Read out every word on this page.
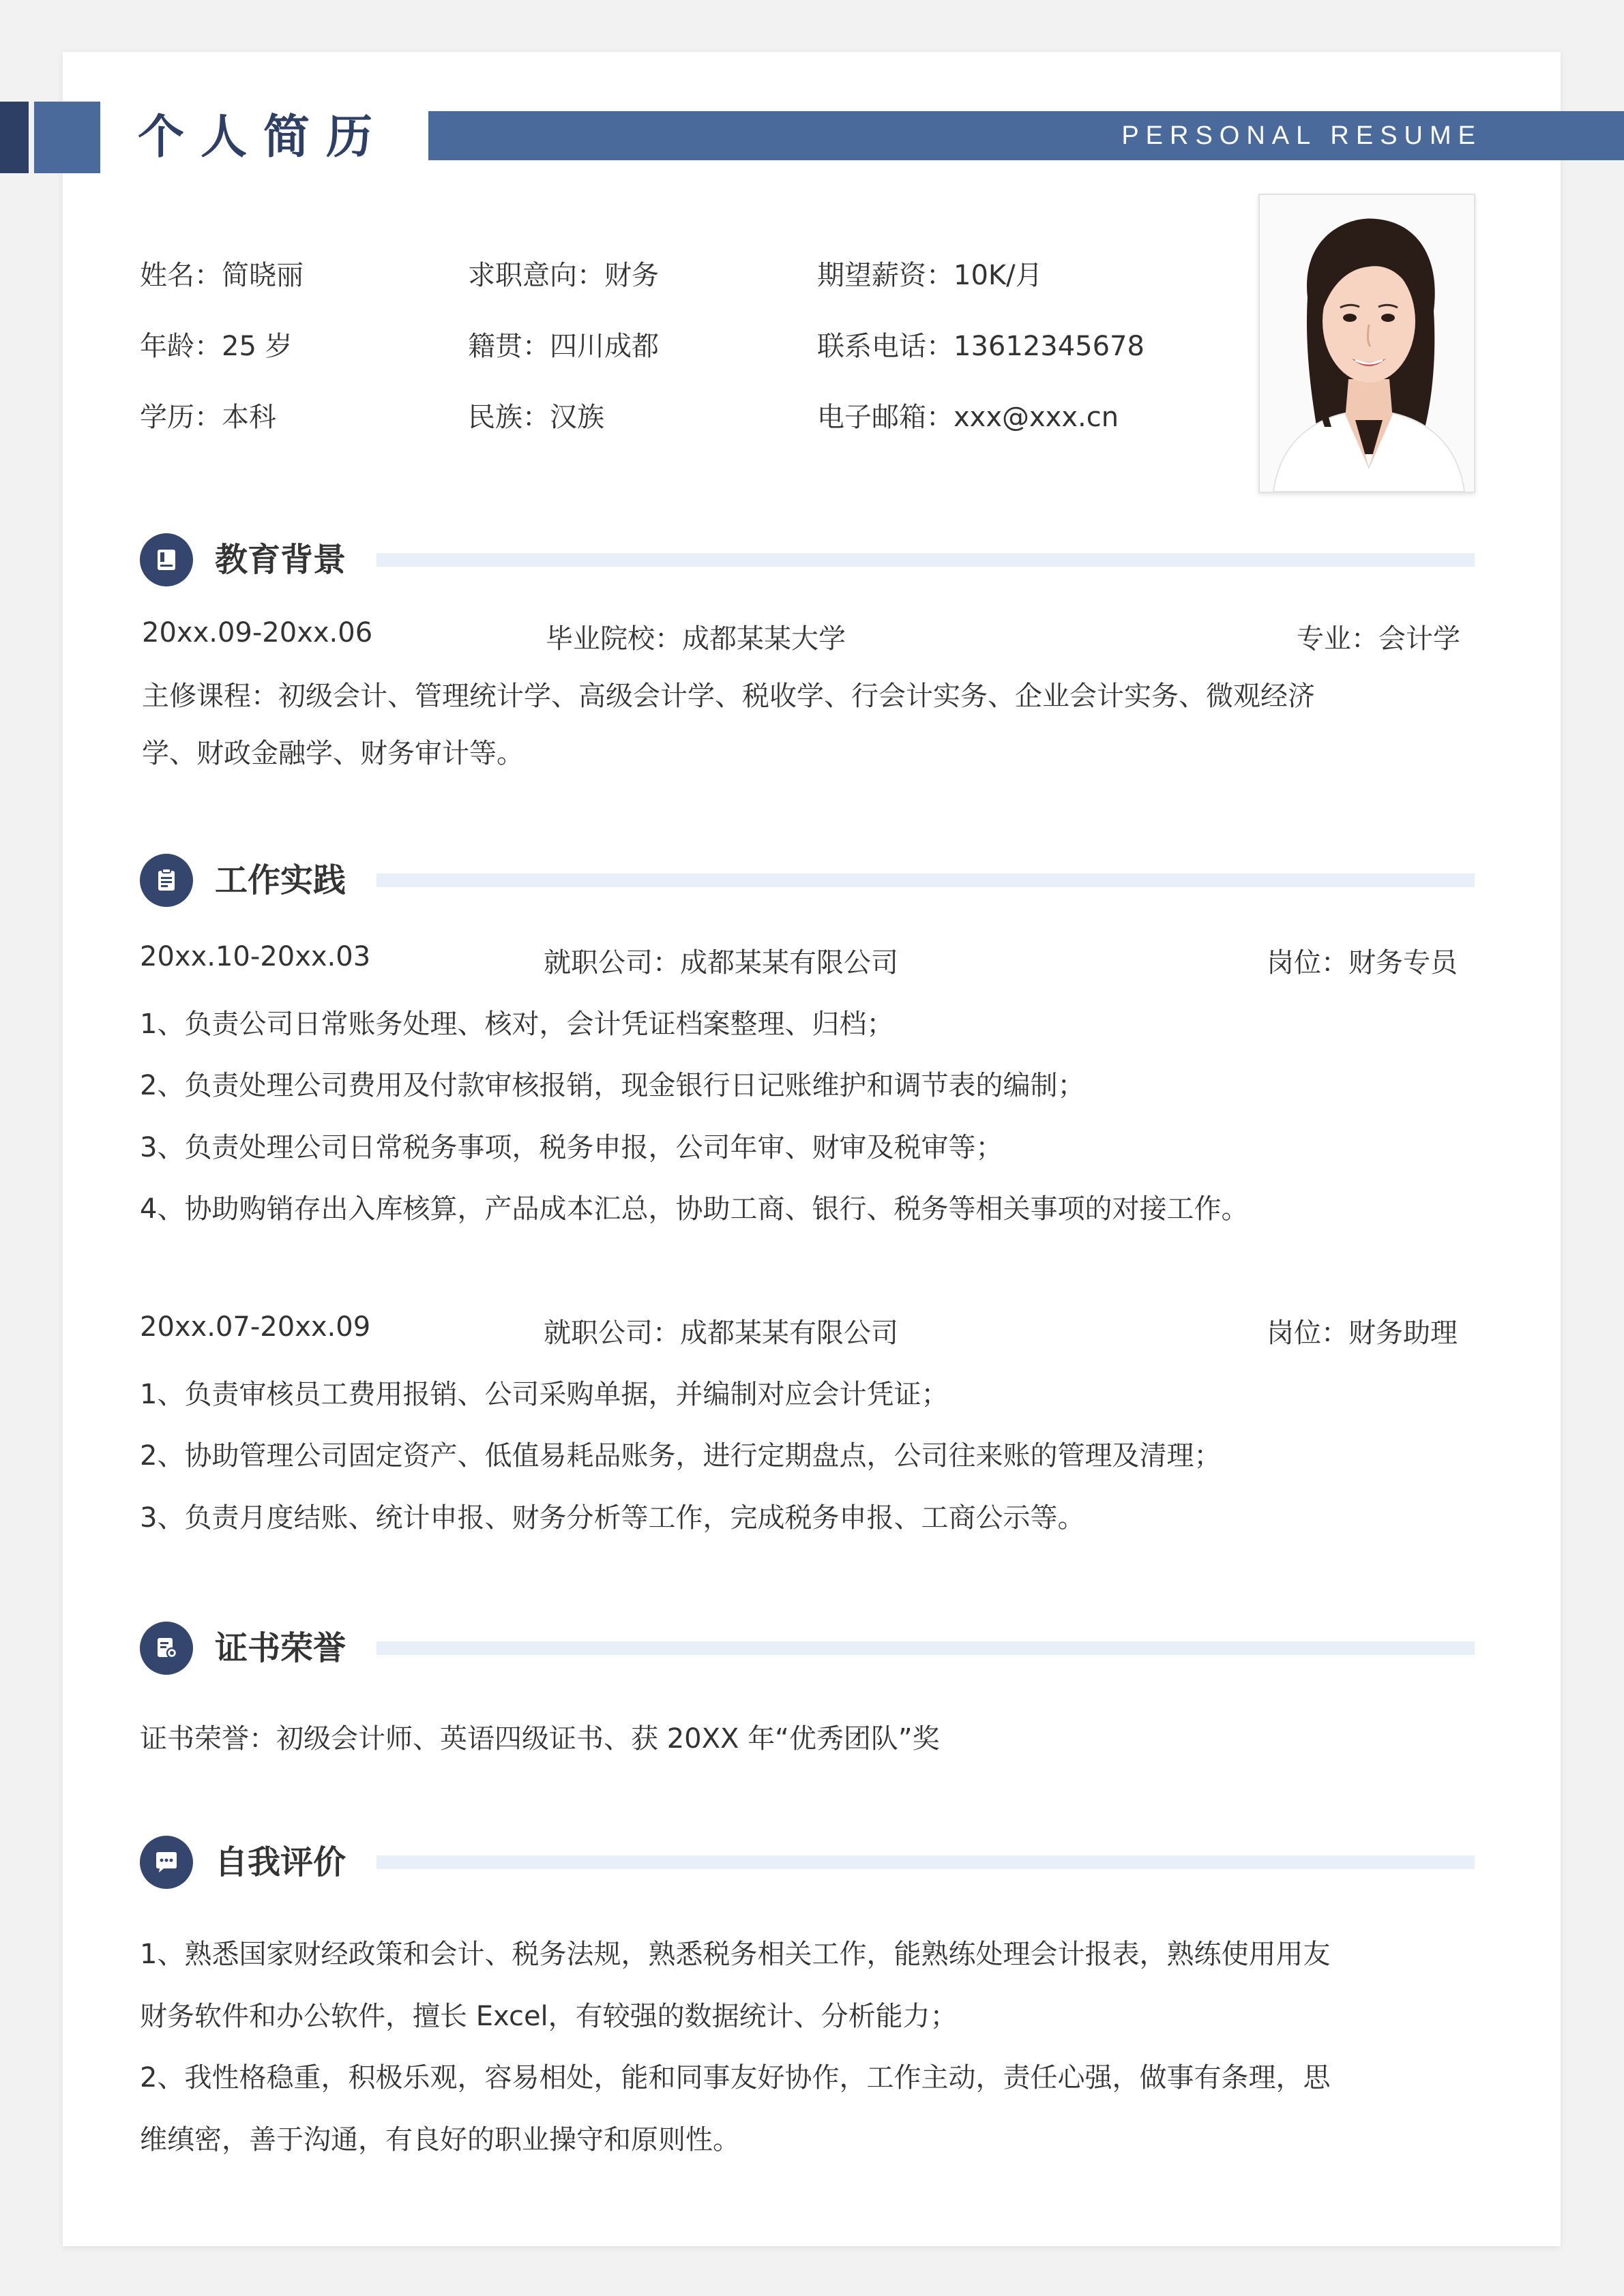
个人简历	PERSONAL RESUME
姓名：简晓丽	求职意向：财务	期望薪资：10K/月
年龄：25 岁	籍贯：四川成都	联系电话：13612345678
学历：本科	民族：汉族	电子邮箱：xxx@xxx.cn
教育背景
20xx.09-20xx.06	毕业院校：成都某某大学	专业：会计学
主修课程：初级会计、管理统计学、高级会计学、税收学、行会计实务、企业会计实务、微观经济
学、财政金融学、财务审计等。
工作实践
20xx.10-20xx.03	就职公司：成都某某有限公司	岗位：财务专员
1、负责公司日常账务处理、核对，会计凭证档案整理、归档；
2、负责处理公司费用及付款审核报销，现金银行日记账维护和调节表的编制；
3、负责处理公司日常税务事项，税务申报，公司年审、财审及税审等；
4、协助购销存出入库核算，产品成本汇总，协助工商、银行、税务等相关事项的对接工作。
20xx.07-20xx.09	就职公司：成都某某有限公司	岗位：财务助理
1、负责审核员工费用报销、公司采购单据，并编制对应会计凭证；
2、协助管理公司固定资产、低值易耗品账务，进行定期盘点，公司往来账的管理及清理；
3、负责月度结账、统计申报、财务分析等工作，完成税务申报、工商公示等。
证书荣誉
证书荣誉：初级会计师、英语四级证书、获 20XX 年“优秀团队”奖
自我评价
1、熟悉国家财经政策和会计、税务法规，熟悉税务相关工作，能熟练处理会计报表，熟练使用用友
财务软件和办公软件，擅长 Excel，有较强的数据统计、分析能力；
2、我性格稳重，积极乐观，容易相处，能和同事友好协作，工作主动，责任心强，做事有条理，思
维缜密，善于沟通，有良好的职业操守和原则性。
